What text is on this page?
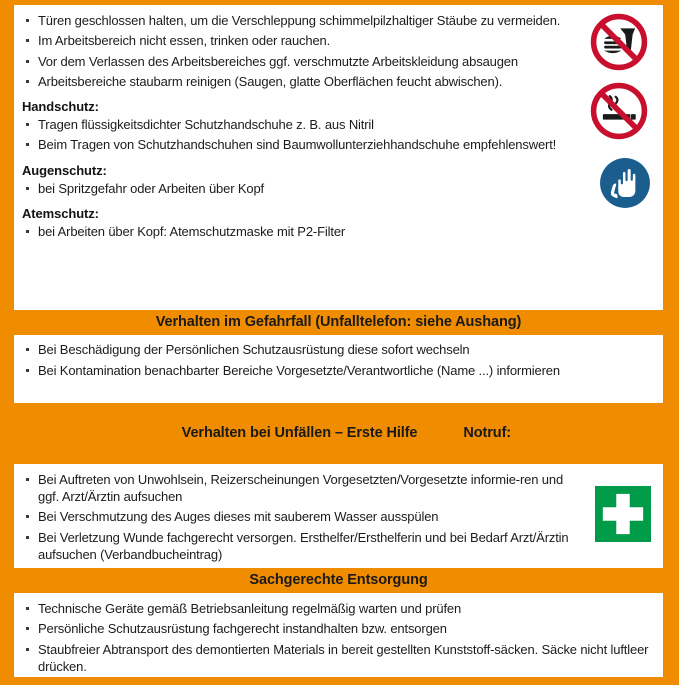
Türen geschlossen halten, um die Verschleppung schimmelpilzhaltiger Stäube zu vermeiden.
Im Arbeitsbereich nicht essen, trinken oder rauchen.
Vor dem Verlassen des Arbeitsbereiches ggf. verschmutzte Arbeitskleidung absaugen
Arbeitsbereiche staubarm reinigen (Saugen, glatte Oberflächen feucht abwischen).
Handschutz:
Tragen flüssigkeitsdichter Schutzhandschuhe z. B. aus Nitril
Beim Tragen von Schutzhandschuhen sind Baumwollunterziehhandschuhe empfehlenswert!
Augenschutz:
bei Spritzgefahr oder Arbeiten über Kopf
Atemschutz:
bei Arbeiten über Kopf: Atemschutzmaske mit P2-Filter
Verhalten im Gefahrfall (Unfalltelefon: siehe Aushang)
Bei Beschädigung der Persönlichen Schutzausrüstung diese sofort wechseln
Bei Kontamination benachbarter Bereiche Vorgesetzte/Verantwortliche (Name ...) informieren

Verhalten bei Unfällen – Erste Hilfe	Notruf:

Bei Auftreten von Unwohlsein, Reizerscheinungen Vorgesetzten/Vorgesetzte informie-ren und ggf. Arzt/Ärztin aufsuchen
Bei Verschmutzung des Auges dieses mit sauberem Wasser ausspülen
Bei Verletzung Wunde fachgerecht versorgen. Ersthelfer/Ersthelferin und bei Bedarf Arzt/Ärztin aufsuchen (Verbandbucheintrag)
Sachgerechte Entsorgung
Technische Geräte gemäß Betriebsanleitung regelmäßig warten und prüfen
Persönliche Schutzausrüstung fachgerecht instandhalten bzw. entsorgen
Staubfreier Abtransport des demontierten Materials in bereit gestellten Kunststoff-säcken. Säcke nicht luftleer drücken.
